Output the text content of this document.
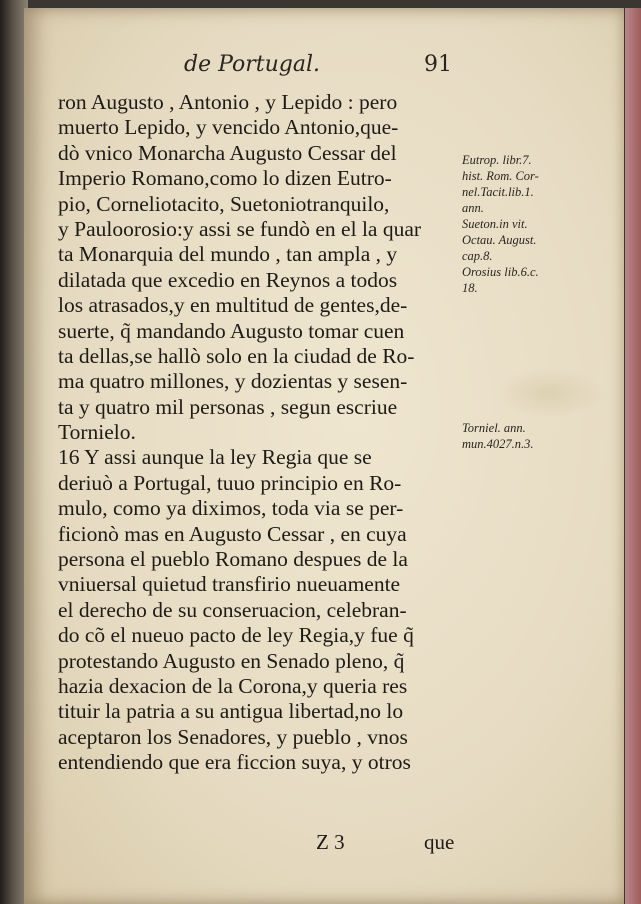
de Portugal.	91
ron Augusto , Antonio , y Lepido : pero
muerto Lepido, y vencido Antonio,que-
dò vnico Monarcha Augusto Cessar del
Imperio Romano,como lo dizen Eutro-
pio, Corneliotacito, Suetoniotranquilo,
y Pauloorosio:y assi se fundò en el la quar
ta Monarquia del mundo , tan ampla , y
dilatada que excedio en Reynos a todos
los atrasados,y en multitud de gentes,de-
suerte, q̃ mandando Augusto tomar cuen
ta dellas,se hallò solo en la ciudad de Ro-
ma quatro millones, y dozientas y sesen-
ta y quatro mil personas , segun escriue
Tornielo.
16 Y assi aunque la ley Regia que se
deriuò a Portugal, tuuo principio en Ro-
mulo, como ya diximos, toda via se per-
ficionò mas en Augusto Cessar , en cuya
persona el pueblo Romano despues de la
vniuersal quietud transfirio nueuamente
el derecho de su conseruacion, celebran-
do cõ el nueuo pacto de ley Regia,y fue q̃
protestando Augusto en Senado pleno, q̃
hazia dexacion de la Corona,y queria res
tituir la patria a su antigua libertad,no lo
aceptaron los Senadores, y pueblo , vnos
entendiendo que era ficcion suya, y otros
Eutrop. libr.7.
hist. Rom. Cor-
nel.Tacit.lib.1.
ann.
Sueton.in vit.
Octau. August.
cap.8.
Orosius lib.6.c.
18.
Torniel. ann.
mun.4027.n.3.
Z 3	que
